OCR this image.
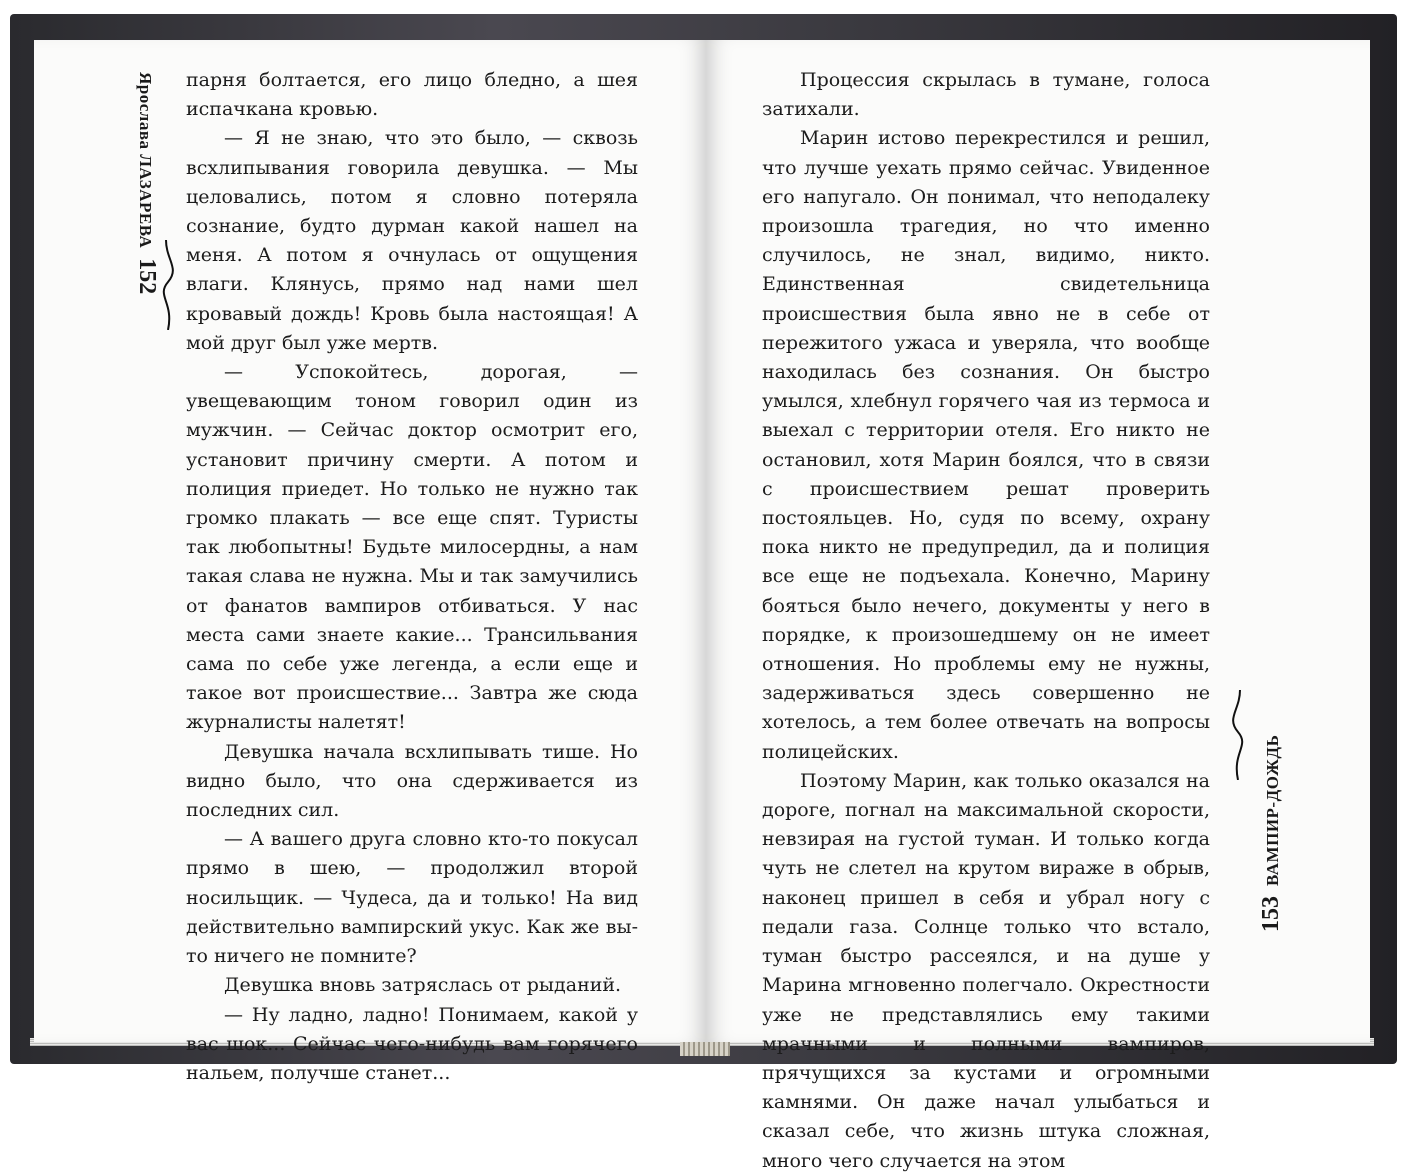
Ярослава ЛАЗАРЕВА
152
153
ВАМПИР-ДОЖДЬ

парня болтается, его лицо бледно, а шея испачкана кровью.

— Я не знаю, что это было, — сквозь всхлипывания говорила девушка. — Мы целовались, потом я словно потеряла сознание, будто дурман какой нашел на меня. А потом я очнулась от ощущения влаги. Клянусь, прямо над нами шел кровавый дождь! Кровь была настоящая! А мой друг был уже мертв.

— Успокойтесь, дорогая, — увещевающим тоном говорил один из мужчин. — Сейчас доктор осмотрит его, установит причину смерти. А потом и полиция приедет. Но только не нужно так громко плакать — все еще спят. Туристы так любопытны! Будьте милосердны, а нам такая слава не нужна. Мы и так замучились от фанатов вампиров отбиваться. У нас места сами знаете какие... Трансильвания сама по себе уже легенда, а если еще и такое вот происшествие... Завтра же сюда журналисты налетят!

Девушка начала всхлипывать тише. Но видно было, что она сдерживается из последних сил.

— А вашего друга словно кто-то покусал прямо в шею, — продолжил второй носильщик. — Чудеса, да и только! На вид действительно вампирский укус. Как же вы-то ничего не помните?

Девушка вновь затряслась от рыданий.

— Ну ладно, ладно! Понимаем, какой у вас шок... Сейчас чего-нибудь вам горячего нальем, получше станет...

Процессия скрылась в тумане, голоса затихали.

Марин истово перекрестился и решил, что лучше уехать прямо сейчас. Увиденное его напугало. Он понимал, что неподалеку произошла трагедия, но что именно случилось, не знал, видимо, никто. Единственная свидетельница происшествия была явно не в себе от пережитого ужаса и уверяла, что вообще находилась без сознания. Он быстро умылся, хлебнул горячего чая из термоса и выехал с территории отеля. Его никто не остановил, хотя Марин боялся, что в связи с происшествием решат проверить постояльцев. Но, судя по всему, охрану пока никто не предупредил, да и полиция все еще не подъехала. Конечно, Марину бояться было нечего, документы у него в порядке, к произошедшему он не имеет отношения. Но проблемы ему не нужны, задерживаться здесь совершенно не хотелось, а тем более отвечать на вопросы полицейских.

Поэтому Марин, как только оказался на дороге, погнал на максимальной скорости, невзирая на густой туман. И только когда чуть не слетел на крутом вираже в обрыв, наконец пришел в себя и убрал ногу с педали газа. Солнце только что встало, туман быстро рассеялся, и на душе у Марина мгновенно полегчало. Окрестности уже не представлялись ему такими мрачными и полными вампиров, прячущихся за кустами и огромными камнями. Он даже начал улыбаться и сказал себе, что жизнь штука сложная, много чего случается на этом
